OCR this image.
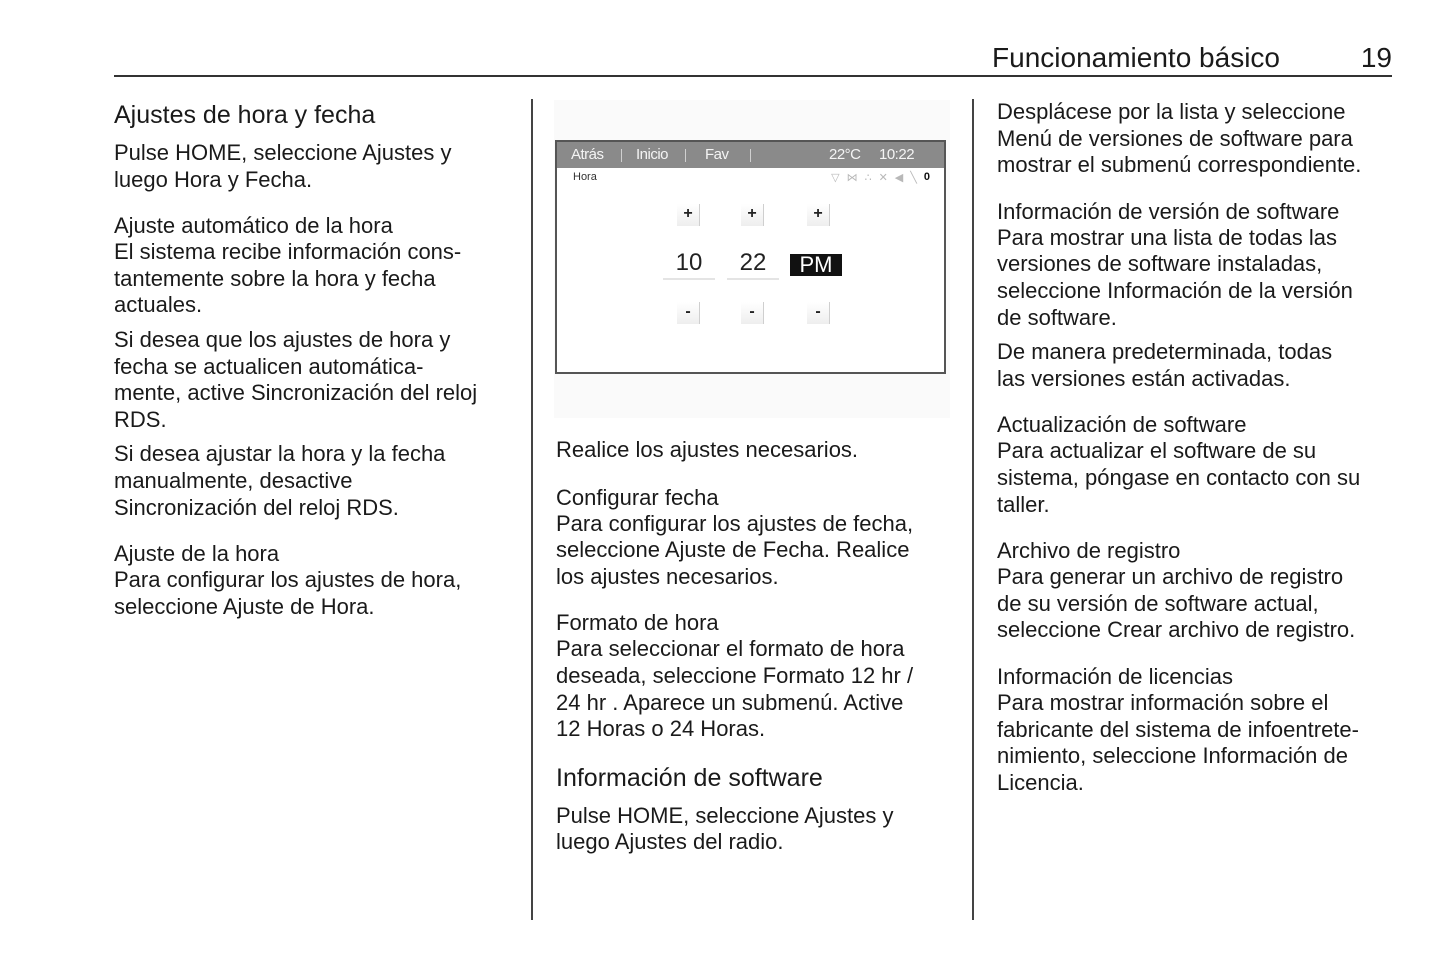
Funcionamiento básico	19
Ajustes de hora y fecha

Pulse HOME, seleccione Ajustes y
luego Hora y Fecha.

Ajuste automático de la hora

El sistema recibe información cons-
tantemente sobre la hora y fecha
actuales.

Si desea que los ajustes de hora y
fecha se actualicen automática-
mente, active Sincronización del reloj
RDS.

Si desea ajustar la hora y la fecha
manualmente, desactive
Sincronización del reloj RDS.

Ajuste de la hora

Para configurar los ajustes de hora,
seleccione Ajuste de Hora.

Atrás Inicio Fav	22°C 10:22
Hora	▽ ⋈ ∴ ✕ ◀ ╲ 0
+
10
-
+
22
-
+
PM
-

Realice los ajustes necesarios.

Configurar fecha

Para configurar los ajustes de fecha,
seleccione Ajuste de Fecha. Realice
los ajustes necesarios.

Formato de hora

Para seleccionar el formato de hora
deseada, seleccione Formato 12 hr /
24 hr . Aparece un submenú. Active
12 Horas o 24 Horas.

Información de software

Pulse HOME, seleccione Ajustes y
luego Ajustes del radio.

Desplácese por la lista y seleccione
Menú de versiones de software para
mostrar el submenú correspondiente.

Información de versión de software

Para mostrar una lista de todas las
versiones de software instaladas,
seleccione Información de la versión
de software.

De manera predeterminada, todas
las versiones están activadas.

Actualización de software

Para actualizar el software de su
sistema, póngase en contacto con su
taller.

Archivo de registro

Para generar un archivo de registro
de su versión de software actual,
seleccione Crear archivo de registro.

Información de licencias

Para mostrar información sobre el
fabricante del sistema de infoentrete-
nimiento, seleccione Información de
Licencia.
